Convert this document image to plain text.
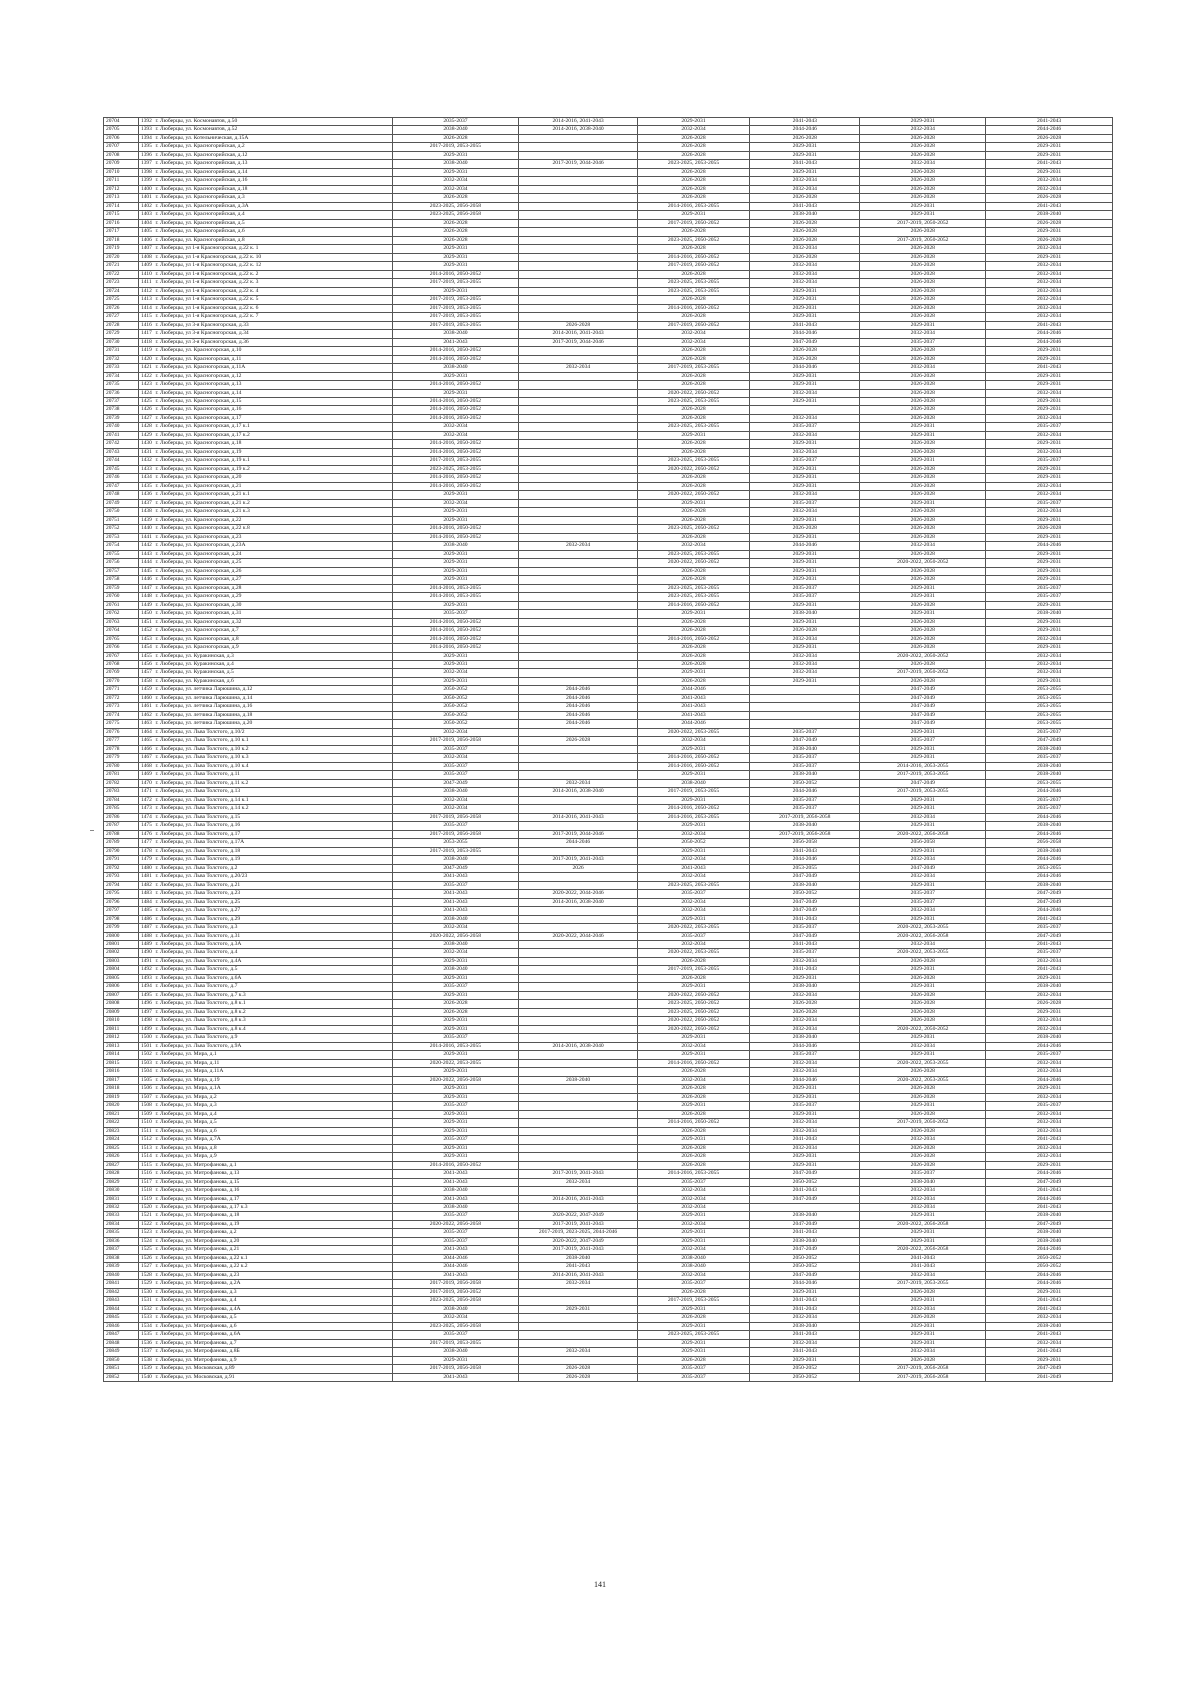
20704	1392	г. Люберцы, ул. Космонавтов, д.50	2035-2037	2014-2016, 2041-2043	2029-2031	2041-2043	2029-2031	2041-2043
20705	1393	г. Люберцы, ул. Космонавтов, д.52	2038-2040	2014-2016, 2038-2040	2032-2034	2044-2046	2032-2034	2044-2046
20706	1394	г. Люберцы, ул. Котельническая, д.15А	2026-2028		2026-2028	2026-2028	2026-2028	2026-2028
20707	1395	г. Люберцы, ул. Красногорийская, д.2	2017-2019, 2053-2055		2026-2028	2029-2031	2026-2028	2029-2031
20708	1396	г. Люберцы, ул. Красногорийская, д.12	2029-2031		2026-2028	2029-2031	2026-2028	2029-2031
20709	1397	г. Люберцы, ул. Красногорийская, д.13	2038-2040	2017-2019, 2044-2046	2023-2025, 2053-2055	2041-2043	2032-2034	2041-2043
20710	1398	г. Люберцы, ул. Красногорийская, д.14	2029-2031		2026-2028	2029-2031	2026-2028	2029-2031
20711	1399	г. Люберцы, ул. Красногорийская, д.16	2032-2034		2026-2028	2032-2034	2026-2028	2032-2034
20712	1400	г. Люберцы, ул. Красногорийская, д.18	2032-2034		2026-2028	2032-2034	2026-2028	2032-2034
20713	1401	г. Люберцы, ул. Красногорийская, д.3	2026-2028		2026-2028	2026-2028	2026-2028	2026-2028
20714	1402	г. Люберцы, ул. Красногорийская, д.3А	2023-2025, 2056-2058		2014-2016, 2053-2055	2041-2043	2029-2031	2041-2043
20715	1403	г. Люберцы, ул. Красногорийская, д.4	2023-2025, 2056-2058		2029-2031	2038-2040	2029-2031	2038-2040
20716	1404	г. Люберцы, ул. Красногорийская, д.5	2026-2028		2017-2019, 2050-2052	2026-2028	2017-2019, 2050-2052	2026-2028
20717	1405	г. Люберцы, ул. Красногорийская, д.6	2026-2028		2026-2028	2026-2028	2026-2028	2029-2031
20718	1406	г. Люберцы, ул. Красногорийская, д.8	2026-2028		2023-2025, 2050-2052	2026-2028	2017-2019, 2050-2052	2026-2028
20719	1407	г. Люберцы, ул 1-я Красногорская, д.22 к. 1	2029-2031		2026-2028	2032-2034	2026-2028	2032-2034
20720	1408	г. Люберцы, ул 1-я Красногорская, д.22 к. 10	2029-2031		2014-2016, 2050-2052	2026-2028	2026-2028	2029-2031
20721	1409	г. Люберцы, ул 1-я Красногорская, д.22 к. 12	2029-2031		2017-2019, 2050-2052	2032-2034	2026-2028	2032-2034
20722	1410	г. Люберцы, ул 1-я Красногорская, д.22 к. 2	2014-2016, 2050-2052		2026-2028	2032-2034	2026-2028	2032-2034
20723	1411	г. Люберцы, ул 1-я Красногорская, д.22 к. 3	2017-2019, 2053-2055		2023-2025, 2053-2055	2032-2034	2026-2028	2032-2034
20724	1412	г. Люберцы, ул 1-я Красногорская, д.22 к. 4	2029-2031		2023-2025, 2053-2055	2029-2031	2026-2028	2032-2034
20725	1413	г. Люберцы, ул 1-я Красногорская, д.22 к. 5	2017-2019, 2053-2055		2026-2028	2029-2031	2026-2028	2032-2034
20726	1414	г. Люберцы, ул 1-я Красногорская, д.22 к. 6	2017-2019, 2053-2055		2014-2016, 2050-2052	2029-2031	2026-2028	2032-2034
20727	1415	г. Люберцы, ул 1-я Красногорская, д.22 к. 7	2017-2019, 2053-2055		2026-2028	2029-2031	2026-2028	2032-2034
20728	1416	г. Люберцы, ул 3-я Красногорская, д.33	2017-2019, 2053-2055	2026-2028	2017-2019, 2050-2052	2041-2043	2029-2031	2041-2043
20729	1417	г. Люберцы, ул 3-я Красногорская, д.34	2038-2040	2014-2016, 2041-2043	2032-2034	2044-2046	2032-2034	2044-2046
20730	1418	г. Люберцы, ул 3-я Красногорская, д.36	2041-2043	2017-2019, 2044-2046	2032-2034	2047-2049	2035-2037	2044-2046
20731	1419	г. Люберцы, ул. Красногорская, д.10	2014-2016, 2050-2052		2026-2028	2026-2028	2026-2028	2029-2031
20732	1420	г. Люберцы, ул. Красногорская, д.11	2014-2016, 2050-2052		2026-2028	2026-2028	2026-2028	2029-2031
20733	1421	г. Люберцы, ул. Красногорская, д.11А	2038-2040	2032-2034	2017-2019, 2053-2055	2044-2046	2032-2034	2041-2043
20734	1422	г. Люберцы, ул. Красногорская, д.12	2029-2031		2026-2028	2029-2031	2026-2028	2029-2031
20735	1423	г. Люберцы, ул. Красногорская, д.13	2014-2016, 2050-2052		2026-2028	2029-2031	2026-2028	2029-2031
20736	1424	г. Люберцы, ул. Красногорская, д.14	2029-2031		2020-2022, 2050-2052	2032-2034	2026-2028	2032-2034
20737	1425	г. Люберцы, ул. Красногорская, д.15	2014-2016, 2050-2052		2023-2025, 2053-2055	2029-2031	2026-2028	2029-2031
20738	1426	г. Люберцы, ул. Красногорская, д.16	2014-2016, 2050-2052		2026-2028		2026-2028	2029-2031
20739	1427	г. Люберцы, ул. Красногорская, д.17	2014-2016, 2050-2052		2026-2028	2032-2034	2026-2028	2032-2034
20740	1428	г. Люберцы, ул. Красногорская, д.17 к.1	2032-2034		2023-2025, 2053-2055	2035-2037	2029-2031	2035-2037
20741	1429	г. Люберцы, ул. Красногорская, д.17 к.2	2032-2034		2029-2031	2032-2034	2029-2031	2032-2034
20742	1430	г. Люберцы, ул. Красногорская, д.18	2014-2016, 2050-2052		2026-2028	2029-2031	2026-2028	2029-2031
20743	1431	г. Люберцы, ул. Красногорская, д.19	2014-2016, 2050-2052		2026-2028	2032-2034	2026-2028	2032-2034
20744	1432	г. Люберцы, ул. Красногорская, д.19 к.1	2017-2019, 2053-2055		2023-2025, 2053-2055	2035-2037	2029-2031	2035-2037
20745	1433	г. Люберцы, ул. Красногорская, д.19 к.2	2023-2025, 2053-2055		2020-2022, 2050-2052	2029-2031	2026-2028	2029-2031
20746	1434	г. Люберцы, ул. Красногорская, д.20	2014-2016, 2050-2052		2026-2028	2029-2031	2026-2028	2029-2031
20747	1435	г. Люберцы, ул. Красногорская, д.21	2014-2016, 2050-2052		2026-2028	2029-2031	2026-2028	2032-2034
20748	1436	г. Люберцы, ул. Красногорская, д.21 к.1	2029-2031		2020-2022, 2050-2052	2032-2034	2026-2028	2032-2034
20749	1437	г. Люберцы, ул. Красногорская, д.21 к.2	2032-2034		2029-2031	2035-2037	2029-2031	2035-2037
20750	1438	г. Люберцы, ул. Красногорская, д.21 к.3	2029-2031		2026-2028	2032-2034	2026-2028	2032-2034
20751	1439	г. Люберцы, ул. Красногорская, д.22	2029-2031		2026-2028	2029-2031	2026-2028	2029-2031
20752	1440	г. Люберцы, ул. Красногорская, д.22 к.8	2014-2016, 2050-2052		2023-2025, 2050-2052	2026-2028	2026-2028	2026-2028
20753	1441	г. Люберцы, ул. Красногорская, д.23	2014-2016, 2050-2052		2026-2028	2029-2031	2026-2028	2029-2031
20754	1442	г. Люберцы, ул. Красногорская, д.23А	2038-2040	2032-2034	2032-2034	2044-2046	2032-2034	2044-2046
20755	1443	г. Люберцы, ул. Красногорская, д.24	2029-2031		2023-2025, 2053-2055	2029-2031	2026-2028	2029-2031
20756	1444	г. Люберцы, ул. Красногорская, д.25	2029-2031		2020-2022, 2050-2052	2029-2031	2020-2022, 2050-2052	2029-2031
20757	1445	г. Люберцы, ул. Красногорская, д.26	2029-2031		2026-2028	2029-2031	2026-2028	2029-2031
20758	1446	г. Люберцы, ул. Красногорская, д.27	2029-2031		2026-2028	2029-2031	2026-2028	2029-2031
20759	1447	г. Люберцы, ул. Красногорская, д.28	2014-2016, 2053-2055		2023-2025, 2053-2055	2035-2037	2029-2031	2035-2037
20760	1448	г. Люберцы, ул. Красногорская, д.29	2014-2016, 2053-2055		2023-2025, 2053-2055	2035-2037	2029-2031	2035-2037
20761	1449	г. Люберцы, ул. Красногорская, д.30	2029-2031		2014-2016, 2050-2052	2029-2031	2026-2028	2029-2031
20762	1450	г. Люберцы, ул. Красногорская, д.31	2035-2037		2029-2031	2038-2040	2029-2031	2038-2040
20763	1451	г. Люберцы, ул. Красногорская, д.32	2014-2016, 2050-2052		2026-2028	2029-2031	2026-2028	2029-2031
20764	1452	г. Люберцы, ул. Красногорская, д.7	2014-2016, 2050-2052		2026-2028	2026-2028	2026-2028	2029-2031
20765	1453	г. Люберцы, ул. Красногорская, д.8	2014-2016, 2050-2052		2014-2016, 2050-2052	2032-2034	2026-2028	2032-2034
20766	1454	г. Люберцы, ул. Красногорская, д.9	2014-2016, 2050-2052		2026-2028	2029-2031	2026-2028	2029-2031
20767	1455	г. Люберцы, ул. Куракинская, д.3	2029-2031		2026-2028	2032-2034	2020-2022, 2050-2052	2032-2034
20768	1456	г. Люберцы, ул. Куракинская, д.4	2029-2031		2026-2028	2032-2034	2026-2028	2032-2034
20769	1457	г. Люберцы, ул. Куракинская, д.5	2032-2034		2029-2031	2032-2034	2017-2019, 2050-2052	2032-2034
20770	1458	г. Люберцы, ул. Куракинская, д.6	2029-2031		2026-2028	2029-2031	2026-2028	2029-2031
20771	1459	г. Люберцы, ул. летчика Ларюшина, д.12	2050-2052	2044-2046	2044-2046		2047-2049	2053-2055
20772	1460	г. Люберцы, ул. летчика Ларюшина, д.14	2050-2052	2044-2046	2041-2043		2047-2049	2053-2055
20773	1461	г. Люберцы, ул. летчика Ларюшина, д.16	2050-2052	2044-2046	2041-2043		2047-2049	2053-2055
20774	1462	г. Люберцы, ул. летчика Ларюшина, д.18	2050-2052	2044-2046	2041-2043		2047-2049	2053-2055
20775	1463	г. Люберцы, ул. летчика Ларюшина, д.20	2050-2052	2044-2046	2044-2046		2047-2049	2053-2055
20776	1464	г. Люберцы, ул. Льва Толстого, д.10/2	2032-2034		2020-2022, 2053-2055	2035-2037	2029-2031	2035-2037
20777	1465	г. Люберцы, ул. Льва Толстого, д.10 к.1	2017-2019, 2056-2058	2026-2028	2032-2034	2047-2049	2035-2037	2047-2049
20778	1466	г. Люберцы, ул. Льва Толстого, д.10 к.2	2035-2037		2029-2031	2038-2040	2029-2031	2038-2040
20779	1467	г. Люберцы, ул. Льва Толстого, д.10 к.3	2032-2034		2014-2016, 2050-2052	2035-2037	2029-2031	2035-2037
20780	1468	г. Люберцы, ул. Льва Толстого, д.10 к.4	2035-2037		2014-2016, 2050-2052	2035-2037	2014-2016, 2053-2055	2038-2040
20781	1469	г. Люберцы, ул. Льва Толстого, д.11	2035-2037		2029-2031	2038-2040	2017-2019, 2053-2055	2038-2040
20782	1470	г. Люберцы, ул. Льва Толстого, д.11 к.2	2047-2049	2032-2034	2038-2040	2050-2052	2047-2049	2053-2055
20783	1471	г. Люберцы, ул. Льва Толстого, д.13	2038-2040	2014-2016, 2038-2040	2017-2019, 2053-2055	2044-2046	2017-2019, 2053-2055	2044-2046
20784	1472	г. Люберцы, ул. Льва Толстого, д.14 к.1	2032-2034		2029-2031	2035-2037	2029-2031	2035-2037
20785	1473	г. Люберцы, ул. Льва Толстого, д.14 к.2	2032-2034		2014-2016, 2050-2052	2035-2037	2029-2031	2035-2037
20786	1474	г. Люберцы, ул. Льва Толстого, д.15	2017-2019, 2056-2058	2014-2016, 2041-2043	2014-2016, 2053-2055	2017-2019, 2056-2058	2032-2034	2044-2046
20787	1475	г. Люберцы, ул. Льва Толстого, д.16	2035-2037		2029-2031	2038-2040	2029-2031	2038-2040
20788	1476	г. Люберцы, ул. Льва Толстого, д.17	2017-2019, 2056-2058	2017-2019, 2044-2046	2032-2034	2017-2019, 2056-2058	2020-2022, 2056-2058	2044-2046
20789	1477	г. Люберцы, ул. Льва Толстого, д.17А	2053-2055	2044-2046	2050-2052	2056-2058	2056-2058	2056-2058
20790	1478	г. Люберцы, ул. Льва Толстого, д.18	2017-2019, 2053-2055		2029-2031	2041-2043	2029-2031	2038-2040
20791	1479	г. Люберцы, ул. Льва Толстого, д.19	2038-2040	2017-2019, 2041-2043	2032-2034	2044-2046	2032-2034	2044-2046
20792	1480	г. Люберцы, ул. Льва Толстого, д.2	2047-2049	2026	2041-2043	2053-2055	2047-2049	2053-2055
20793	1481	г. Люберцы, ул. Льва Толстого, д.20/23	2041-2043		2032-2034	2047-2049	2032-2034	2044-2046
20794	1482	г. Люберцы, ул. Льва Толстого, д.21	2035-2037		2023-2025, 2053-2055	2038-2040	2029-2031	2038-2040
20795	1483	г. Люберцы, ул. Льва Толстого, д.23	2041-2043	2020-2022, 2044-2046	2035-2037	2050-2052	2035-2037	2047-2049
20796	1484	г. Люберцы, ул. Льва Толстого, д.25	2041-2043	2014-2016, 2038-2040	2032-2034	2047-2049	2035-2037	2047-2049
20797	1485	г. Люберцы, ул. Льва Толстого, д.27	2041-2043		2032-2034	2047-2049	2032-2034	2044-2046
20798	1486	г. Люберцы, ул. Льва Толстого, д.29	2038-2040		2029-2031	2041-2043	2029-2031	2041-2043
20799	1487	г. Люберцы, ул. Льва Толстого, д.3	2032-2034		2020-2022, 2053-2055	2035-2037	2020-2022, 2053-2055	2035-2037
20800	1488	г. Люберцы, ул. Льва Толстого, д.31	2020-2022, 2056-2058	2020-2022, 2044-2046	2035-2037	2047-2049	2020-2022, 2056-2058	2047-2049
20801	1489	г. Люберцы, ул. Льва Толстого, д.3А	2038-2040		2032-2034	2041-2043	2032-2034	2041-2043
20802	1490	г. Люберцы, ул. Льва Толстого, д.4	2032-2034		2020-2022, 2053-2055	2035-2037	2020-2022, 2053-2055	2035-2037
20803	1491	г. Люберцы, ул. Льва Толстого, д.4А	2029-2031		2026-2028	2032-2034	2026-2028	2032-2034
20804	1492	г. Люберцы, ул. Льва Толстого, д.5	2038-2040		2017-2019, 2053-2055	2041-2043	2029-2031	2041-2043
20805	1493	г. Люберцы, ул. Льва Толстого, д.6А	2029-2031		2026-2028	2029-2031	2026-2028	2029-2031
20806	1494	г. Люберцы, ул. Льва Толстого, д.7	2035-2037		2029-2031	2038-2040	2029-2031	2038-2040
20807	1495	г. Люберцы, ул. Льва Толстого, д.7 к.3	2029-2031		2020-2022, 2050-2052	2032-2034	2026-2028	2032-2034
20808	1496	г. Люберцы, ул. Льва Толстого, д.8 к.1	2026-2028		2023-2025, 2050-2052	2026-2028	2026-2028	2026-2028
20809	1497	г. Люберцы, ул. Льва Толстого, д.8 к.2	2026-2028		2023-2025, 2050-2052	2026-2028	2026-2028	2029-2031
20810	1498	г. Люберцы, ул. Льва Толстого, д.8 к.3	2029-2031		2020-2022, 2050-2052	2032-2034	2026-2028	2032-2034
20811	1499	г. Люберцы, ул. Льва Толстого, д.8 к.4	2029-2031		2020-2022, 2050-2052	2032-2034	2020-2022, 2050-2052	2032-2034
20812	1500	г. Люберцы, ул. Льва Толстого, д.9	2035-2037		2029-2031	2038-2040	2029-2031	2038-2040
20813	1501	г. Люберцы, ул. Льва Толстого, д.9А	2014-2016, 2053-2055	2014-2016, 2038-2040	2032-2034	2044-2046	2032-2034	2044-2046
20814	1502	г. Люберцы, ул. Мира, д.1	2029-2031		2029-2031	2035-2037	2029-2031	2035-2037
20815	1503	г. Люберцы, ул. Мира, д.11	2020-2022, 2053-2055		2014-2016, 2050-2052	2032-2034	2020-2022, 2053-2055	2032-2034
20816	1504	г. Люберцы, ул. Мира, д.11А	2029-2031		2026-2028	2032-2034	2026-2028	2032-2034
20817	1505	г. Люберцы, ул. Мира, д.19	2020-2022, 2056-2058	2038-2040	2032-2034	2044-2046	2020-2022, 2053-2055	2044-2046
20818	1506	г. Люберцы, ул. Мира, д.1А	2029-2031		2026-2028	2029-2031	2026-2028	2029-2031
20819	1507	г. Люберцы, ул. Мира, д.2	2029-2031		2026-2028	2029-2031	2026-2028	2032-2034
20820	1508	г. Люберцы, ул. Мира, д.3	2035-2037		2029-2031	2035-2037	2029-2031	2035-2037
20821	1509	г. Люберцы, ул. Мира, д.4	2029-2031		2026-2028	2029-2031	2026-2028	2032-2034
20822	1510	г. Люберцы, ул. Мира, д.5	2029-2031		2014-2016, 2050-2052	2032-2034	2017-2019, 2050-2052	2032-2034
20823	1511	г. Люберцы, ул. Мира, д.6	2029-2031		2026-2028	2032-2034	2026-2028	2032-2034
20824	1512	г. Люберцы, ул. Мира, д.7А	2035-2037		2029-2031	2041-2043	2032-2034	2041-2043
20825	1513	г. Люберцы, ул. Мира, д.8	2029-2031		2026-2028	2032-2034	2026-2028	2032-2034
20826	1514	г. Люберцы, ул. Мира, д.9	2029-2031		2026-2028	2029-2031	2026-2028	2032-2034
20827	1515	г. Люберцы, ул. Митрофанова, д.1	2014-2016, 2050-2052		2026-2028	2029-2031	2026-2028	2029-2031
20828	1516	г. Люберцы, ул. Митрофанова, д.13	2041-2043	2017-2019, 2041-2043	2014-2016, 2053-2055	2047-2049	2035-2037	2044-2046
20829	1517	г. Люберцы, ул. Митрофанова, д.15	2041-2043	2032-2034	2035-2037	2050-2052	2038-2040	2047-2049
20830	1518	г. Люберцы, ул. Митрофанова, д.16	2038-2040		2032-2034	2041-2043	2032-2034	2041-2043
20831	1519	г. Люберцы, ул. Митрофанова, д.17	2041-2043	2014-2016, 2041-2043	2032-2034	2047-2049	2032-2034	2044-2046
20832	1520	г. Люберцы, ул. Митрофанова, д.17 к.3	2038-2040		2032-2034		2032-2034	2041-2043
20833	1521	г. Люберцы, ул. Митрофанова, д.18	2035-2037	2020-2022, 2047-2049	2029-2031	2038-2040	2029-2031	2038-2040
20834	1522	г. Люберцы, ул. Митрофанова, д.19	2020-2022, 2056-2058	2017-2019, 2041-2043	2032-2034	2047-2049	2020-2022, 2056-2058	2047-2049
20835	1523	г. Люберцы, ул. Митрофанова, д.2	2035-2037	2017-2019, 2023-2025, 2044-2046	2029-2031	2041-2043	2029-2031	2038-2040
20836	1524	г. Люберцы, ул. Митрофанова, д.20	2035-2037	2020-2022, 2047-2049	2029-2031	2038-2040	2029-2031	2038-2040
20837	1525	г. Люберцы, ул. Митрофанова, д.21	2041-2043	2017-2019, 2041-2043	2032-2034	2047-2049	2020-2022, 2056-2058	2044-2046
20838	1526	г. Люберцы, ул. Митрофанова, д.22 к.1	2044-2046	2038-2040	2038-2040	2050-2052	2041-2043	2050-2052
20839	1527	г. Люберцы, ул. Митрофанова, д.22 к.2	2044-2046	2041-2043	2038-2040	2050-2052	2041-2043	2050-2052
20840	1528	г. Люберцы, ул. Митрофанова, д.23	2041-2043	2014-2016, 2041-2043	2032-2034	2047-2049	2032-2034	2044-2046
20841	1529	г. Люберцы, ул. Митрофанова, д.2А	2017-2019, 2056-2058	2032-2034	2035-2037	2044-2046	2017-2019, 2053-2055	2044-2046
20842	1530	г. Люберцы, ул. Митрофанова, д.3	2017-2019, 2050-2052		2026-2028	2029-2031	2026-2028	2029-2031
20843	1531	г. Люберцы, ул. Митрофанова, д.4	2023-2025, 2056-2058		2017-2019, 2053-2055	2041-2043	2029-2031	2041-2043
20844	1532	г. Люберцы, ул. Митрофанова, д.4А	2038-2040	2029-2031	2029-2031	2041-2043	2032-2034	2041-2043
20845	1533	г. Люберцы, ул. Митрофанова, д.5	2032-2034		2026-2028	2032-2034	2026-2028	2032-2034
20846	1534	г. Люберцы, ул. Митрофанова, д.6	2023-2025, 2056-2058		2029-2031	2038-2040	2029-2031	2038-2040
20847	1535	г. Люберцы, ул. Митрофанова, д.6А	2035-2037		2023-2025, 2053-2055	2041-2043	2029-2031	2041-2043
20848	1536	г. Люберцы, ул. Митрофанова, д.7	2017-2019, 2053-2055		2029-2031	2032-2034	2029-2031	2032-2034
20849	1537	г. Люберцы, ул. Митрофанова, д.8Б	2038-2040	2032-2034	2029-2031	2041-2043	2032-2034	2041-2043
20850	1538	г. Люберцы, ул. Митрофанова, д.9	2029-2031		2026-2028	2029-2031	2026-2028	2029-2031
20851	1539	г. Люберцы, ул. Московская, д.89	2017-2019, 2056-2058	2026-2028	2035-2037	2050-2052	2017-2019, 2056-2058	2047-2049
20852	1540	г. Люберцы, ул. Московская, д.91	2041-2043	2026-2028	2035-2037	2050-2052	2017-2019, 2056-2058	2041-2049
141
